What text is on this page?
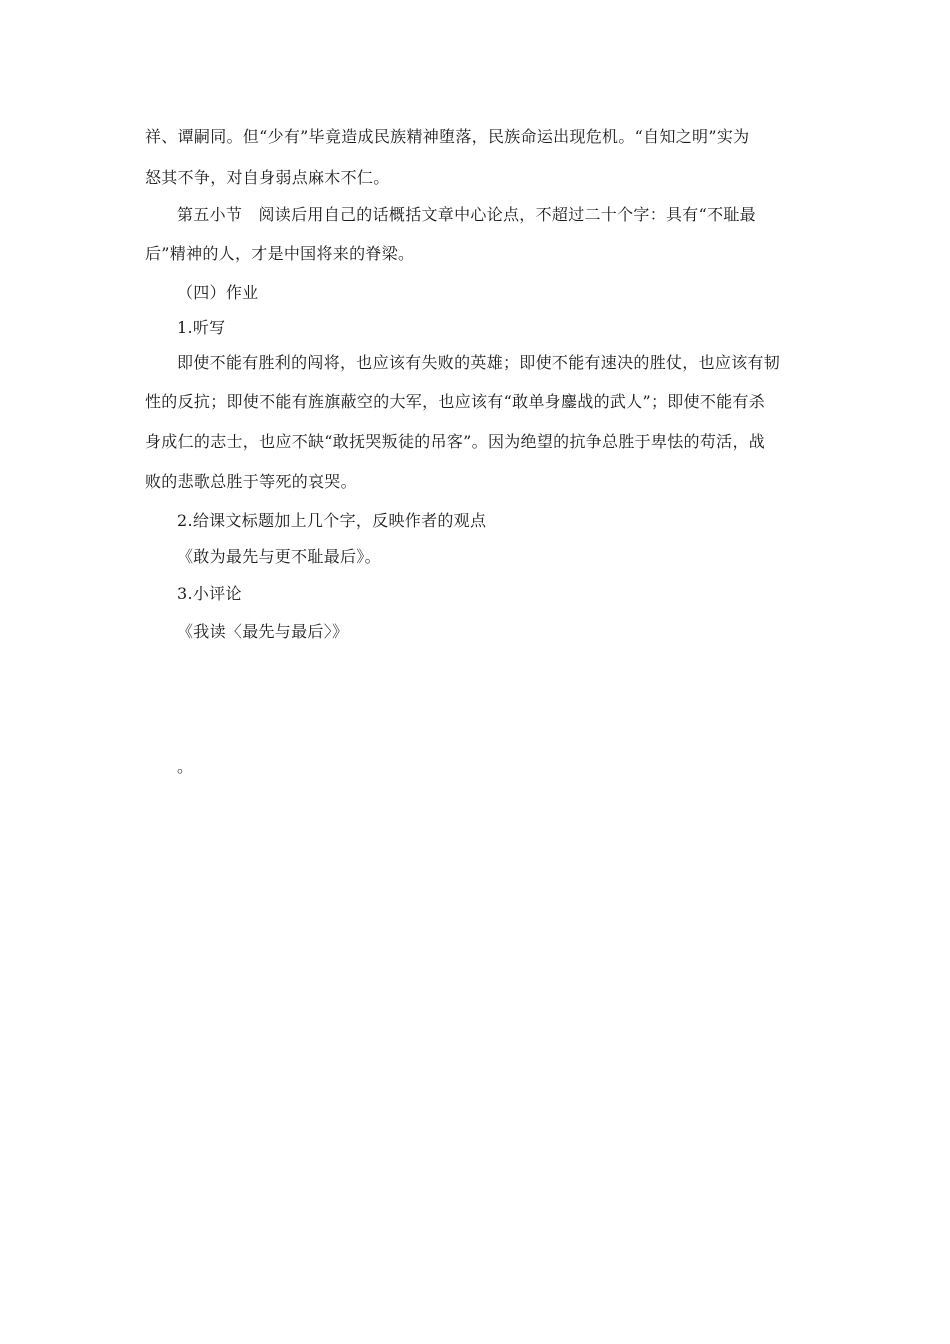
祥、谭嗣同。但“少有”毕竟造成民族精神堕落，民族命运出现危机。“自知之明”实为
怒其不争，对自身弱点麻木不仁。
第五小节　阅读后用自己的话概括文章中心论点，不超过二十个字：具有“不耻最
后”精神的人，才是中国将来的脊梁。
（四）作业
1.听写
即使不能有胜利的闯将，也应该有失败的英雄；即使不能有速决的胜仗，也应该有韧
性的反抗；即使不能有旌旗蔽空的大军，也应该有“敢单身鏖战的武人”；即使不能有杀
身成仁的志士，也应不缺“敢抚哭叛徒的吊客”。因为绝望的抗争总胜于卑怯的苟活，战
败的悲歌总胜于等死的哀哭。
2.给课文标题加上几个字，反映作者的观点
《敢为最先与更不耻最后》。
3.小评论
《我读〈最先与最后〉》
。
